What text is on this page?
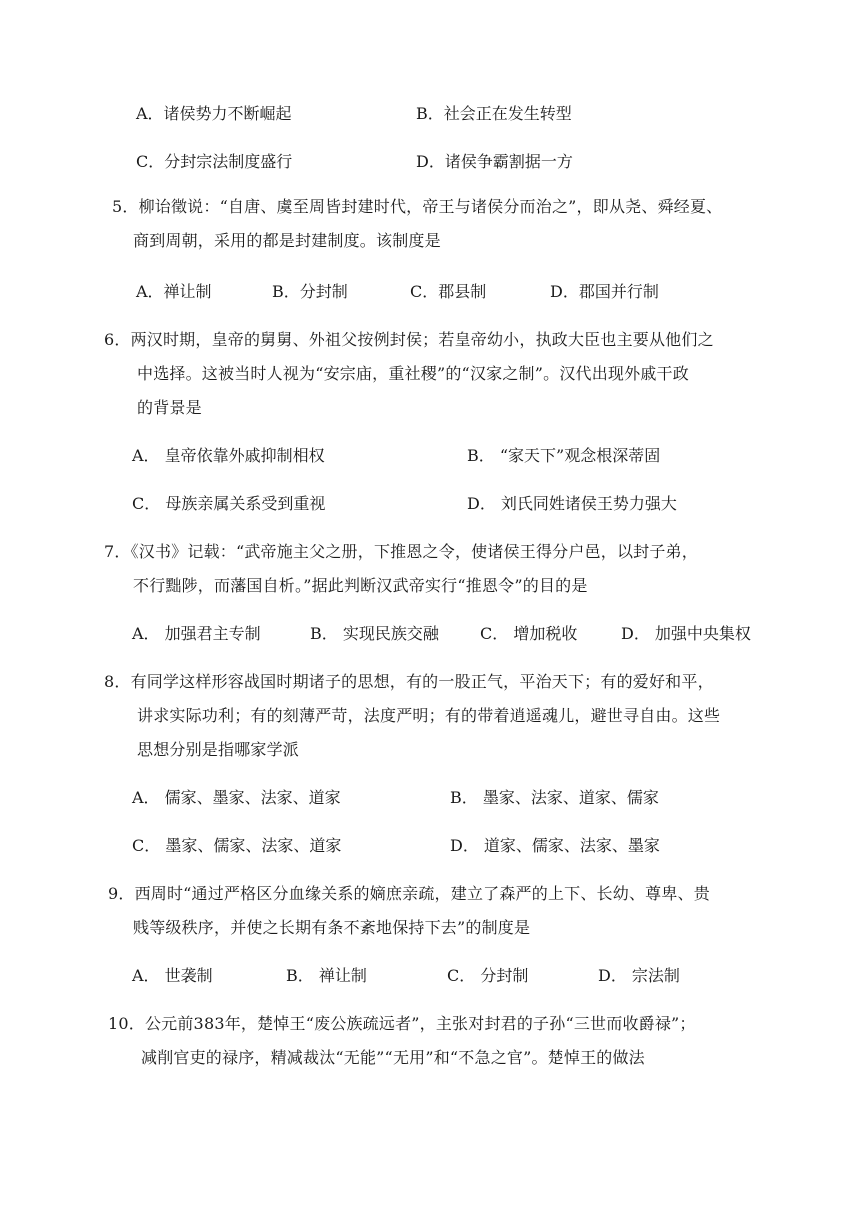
A．诸侯势力不断崛起	B．社会正在发生转型
C．分封宗法制度盛行	D．诸侯争霸割据一方
5．柳诒徵说：“自唐、虞至周皆封建时代，帝王与诸侯分而治之”，即从尧、舜经夏、
商到周朝，采用的都是封建制度。该制度是
A．禅让制	B．分封制	C．郡县制	D．郡国并行制
6．两汉时期，皇帝的舅舅、外祖父按例封侯；若皇帝幼小，执政大臣也主要从他们之
中选择。这被当时人视为“安宗庙，重社稷”的“汉家之制”。汉代出现外戚干政
的背景是
A． 皇帝依靠外戚抑制相权	B． “家天下”观念根深蒂固
C． 母族亲属关系受到重视	D． 刘氏同姓诸侯王势力强大
7．《汉书》记载：“武帝施主父之册，下推恩之令，使诸侯王得分户邑，以封子弟，
不行黜陟，而藩国自析。”据此判断汉武帝实行“推恩令”的目的是
A． 加强君主专制	B． 实现民族交融	C． 增加税收	D． 加强中央集权
8．有同学这样形容战国时期诸子的思想，有的一股正气，平治天下；有的爱好和平，
讲求实际功利；有的刻薄严苛，法度严明；有的带着逍遥魂儿，避世寻自由。这些
思想分别是指哪家学派
A． 儒家、墨家、法家、道家	B． 墨家、法家、道家、儒家
C． 墨家、儒家、法家、道家	D． 道家、儒家、法家、墨家
9．西周时“通过严格区分血缘关系的嫡庶亲疏，建立了森严的上下、长幼、尊卑、贵
贱等级秩序，并使之长期有条不紊地保持下去”的制度是
A． 世袭制	B． 禅让制	C． 分封制	D． 宗法制
10．公元前383年，楚悼王“废公族疏远者”，主张对封君的子孙“三世而收爵禄”；
减削官吏的禄序，精减裁汰“无能”“无用”和“不急之官”。楚悼王的做法
